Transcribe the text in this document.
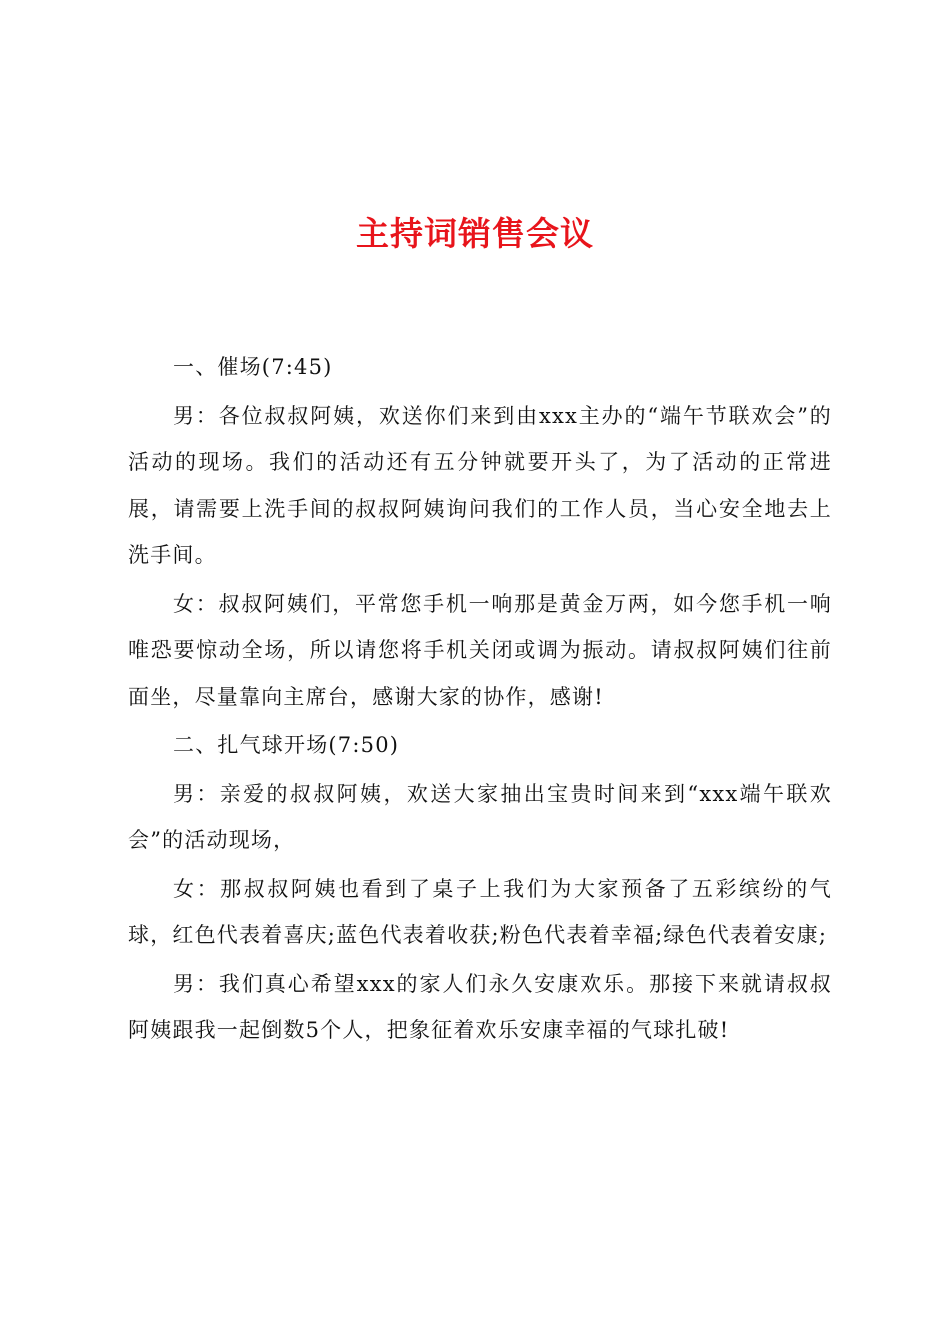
主持词销售会议

一、催场(7:45)

男：各位叔叔阿姨，欢送你们来到由xxx主办的“端午节联欢会”的活动的现场。我们的活动还有五分钟就要开头了，为了活动的正常进展，请需要上洗手间的叔叔阿姨询问我们的工作人员，当心安全地去上洗手间。

女：叔叔阿姨们，平常您手机一响那是黄金万两，如今您手机一响唯恐要惊动全场，所以请您将手机关闭或调为振动。请叔叔阿姨们往前面坐，尽量靠向主席台，感谢大家的协作，感谢!

二、扎气球开场(7:50)

男：亲爱的叔叔阿姨，欢送大家抽出宝贵时间来到“xxx端午联欢会”的活动现场，

女：那叔叔阿姨也看到了桌子上我们为大家预备了五彩缤纷的气球，红色代表着喜庆;蓝色代表着收获;粉色代表着幸福;绿色代表着安康;

男：我们真心希望xxx的家人们永久安康欢乐。那接下来就请叔叔阿姨跟我一起倒数5个人，把象征着欢乐安康幸福的气球扎破!
